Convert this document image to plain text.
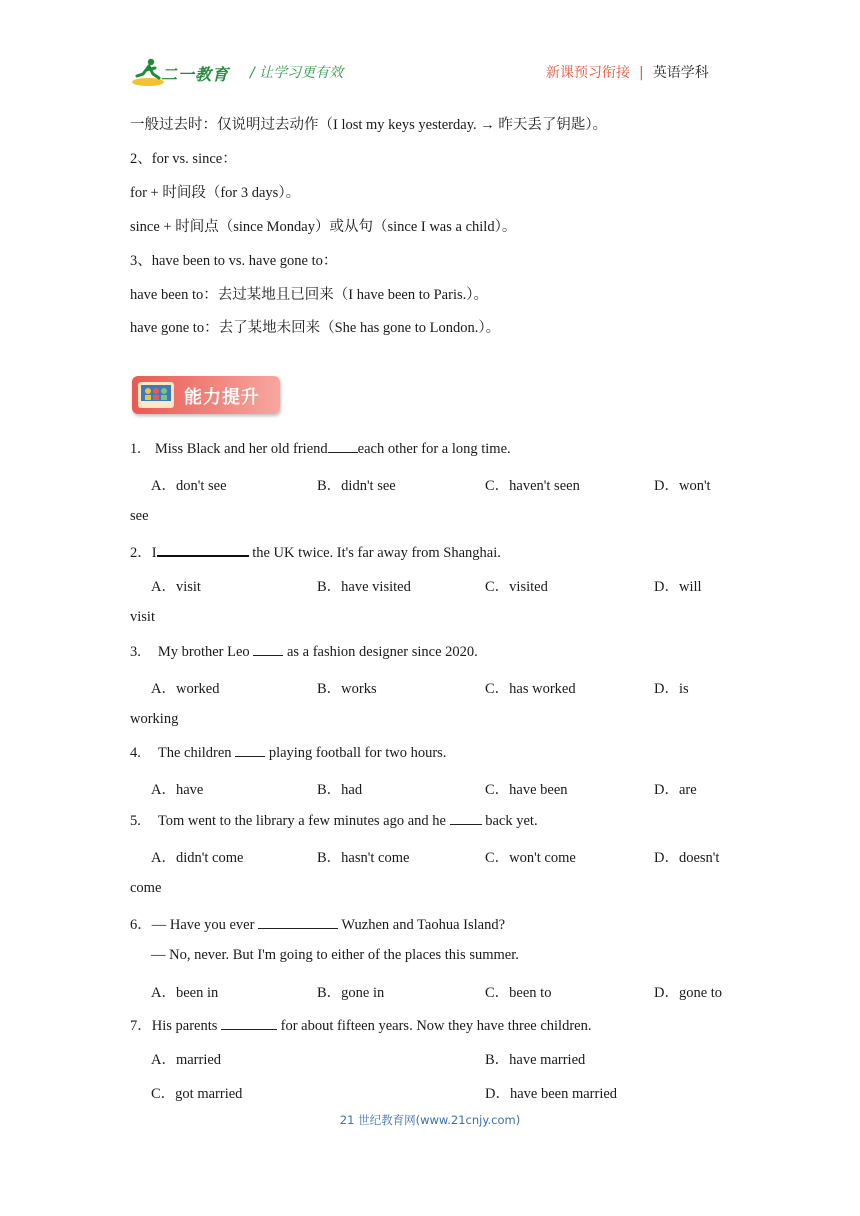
二一教育 / 让学习更有效	新课预习衔接 | 英语学科
一般过去时：仅说明过去动作（I lost my keys yesterday. → 昨天丢了钥匙）。
2、for vs. since：
for + 时间段（for 3 days）。
since + 时间点（since Monday）或从句（since I was a child）。
3、have been to vs. have gone to：
have been to：去过某地且已回来（I have been to Paris.）。
have gone to：去了某地未回来（She has gone to London.）。
能力提升
1. Miss Black and her old friend each other for a long time.
A．don't see	B．didn't see	C．haven't seen	D．won't
see
2．I	the UK twice. It's far away from Shanghai.
A．visit	B．have visited	C．visited	D．will
visit
3. My brother Leo  as a fashion designer since 2020.
A．worked	B．works	C．has worked	D．is
working
4. The children  playing football for two hours.
A．have	B．had	C．have been	D．are
5. Tom went to the library a few minutes ago and he  back yet.
A．didn't come	B．hasn't come	C．won't come	D．doesn't
come
6．— Have you ever	Wuzhen and Taohua Island?
— No, never. But I'm going to either of the places this summer.
A．been in	B．gone in	C．been to	D．gone to
7．His parents	for about fifteen years. Now they have three children.
A．married	B．have married
C．got married	D．have been married
21 世纪教育网(www.21cnjy.com)
